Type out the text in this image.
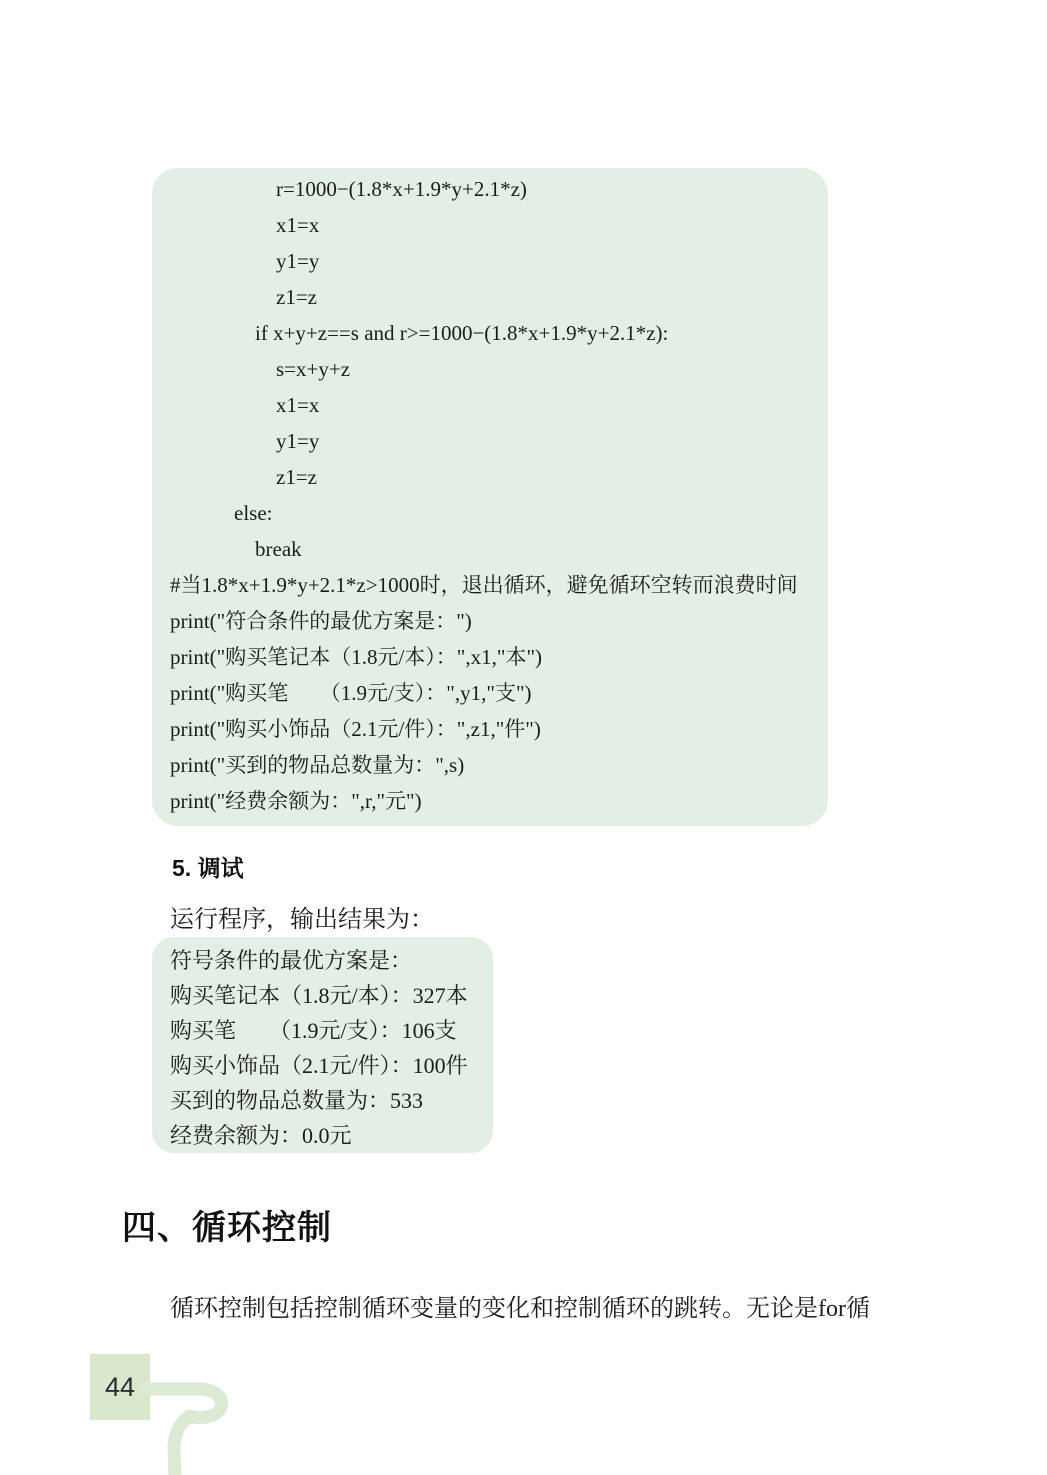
r=1000−(1.8*x+1.9*y+2.1*z)
x1=x
y1=y
z1=z
if x+y+z==s and r>=1000−(1.8*x+1.9*y+2.1*z):
s=x+y+z
x1=x
y1=y
z1=z
else:
break
#当1.8*x+1.9*y+2.1*z>1000时，退出循环，避免循环空转而浪费时间
print("符合条件的最优方案是：")
print("购买笔记本（1.8元/本）：",x1,"本")
print("购买笔　　（1.9元/支）：",y1,"支")
print("购买小饰品（2.1元/件）：",z1,"件")
print("买到的物品总数量为：",s)
print("经费余额为：",r,"元")
5. 调试
运行程序，输出结果为：
符号条件的最优方案是：
购买笔记本（1.8元/本）：327本
购买笔　　（1.9元/支）：106支
购买小饰品（2.1元/件）：100件
买到的物品总数量为：533
经费余额为：0.0元
四、循环控制
循环控制包括控制循环变量的变化和控制循环的跳转。无论是for循
44
